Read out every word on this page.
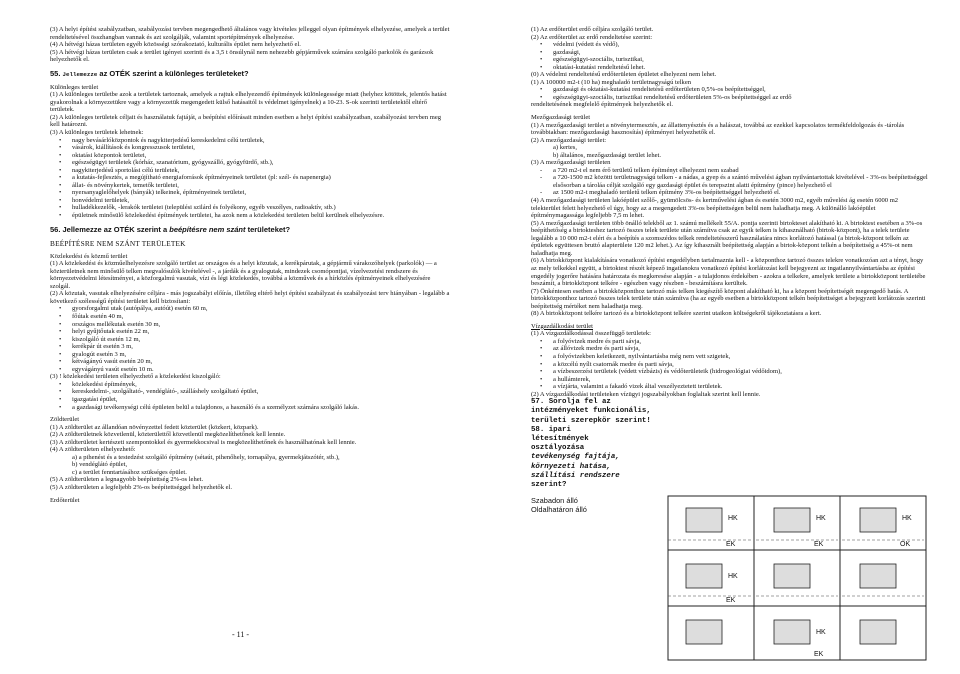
(3) A helyi építési szabályzatban, szabályozási tervben megengedhető általános vagy kivételes jelleggel olyan építmények elhelyezése, amelyek a terület rendeltetésével összhangban vannak és azt szolgálják, valamint sportépítmények elhelyezése.

(4) A hétvégi házas területen egyéb közösségi szórakoztató, kulturális épület nem helyezhető el.

(5) A hétvégi házas területen csak a terület igényei szerinti és a 3,5 t önsúlynál nem nehezebb gépjárművek számára szolgáló parkolók és garázsok helyezhetők el.

55. Jellemezze az OTÉK szerint a különleges területeket?

Különleges terület

(1) A különleges területbe azok a területek tartoznak, amelyek a rajtuk elhelyezendő építmények különlegessége miatt (helyhez kötöttek, jelentős hatást gyakorolnak a környezetükre vagy a környezetük megengedett külső hatásaitól is védelmet igényelnek) a 10-23. S-ok szerinti területektől eltérő területek.

(2) A különleges területek céljait és használatuk fajtáját, a beépítési előírásait minden esetben a helyi építési szabályzatban, szabályozási tervben meg kell határozni.

(3) A különleges területek lehetnek:

• nagy bevásárlóközpontok és nagykiterjedésű kereskedelmi célú területek,
• vásárok, kiállítások és kongresszusok területei,
• oktatási központok területei,
• egészségügyi területek (kórház, szanatórium, gyógyszálló, gyógyfürdő, stb.),
• nagykiterjedésű sportolási célú területek,
• a kutatás-fejlesztés, a megújítható energiaforrások építményeinek területei (pl: szél- és napenergia)
• állat- és növénykertek, temetők területei,
• nyersanyaglelőhelyek (bányák) telkeinek, építményeinek területei,
• honvédelmi területek,
• hulladékkezelők, -lerakók területei (települési szilárd és folyékony, egyéb veszélyes, radioaktív, stb.)
• épületnek minősülő közlekedési építmények területei, ha azok nem a közlekedési területen belül kerülnek elhelyezésre.

56. Jellemezze az OTÉK szerint a beépítésre nem szánt területeket?

BEÉPÍTÉSRE NEM SZÁNT TERÜLETEK

Közlekedési és közmű terület

(1) A közlekedési és közműelhelyezésre szolgáló terület az országos és a helyi közutak, a kerékpárutak, a gépjármű várakozóhelyek (parkolók) — a közterületnek nem minősülő telken megvalósulók kivételével -, a járdák és a gyalogutak, mindezek csomópontjai, vízelvezetési rendszere és környezetvédelmi létesítményei, a közforgalmú vasutak, vízi és légi közlekedés, továbbá a közművek és a hírközlés építményeinek elhelyezésére szolgál.

(2) A közutak, vasutak elhelyezésére céljára - más jogszabályi előírás, illetőleg eltérő helyi építési szabályzat és szabályozási terv hiányában - legalább a következő szélességű építési területet kell biztosítani:

• gyorsforgalmi utak (autópálya, autóút) esetén 60 m,
• főútak esetén 40 m,
• országos mellékutak esetén 30 m,
• helyi gyűjtőutak esetén 22 m,
• kiszolgáló út esetén 12 m,
• kerékpár út esetén 3 m,
• gyalogút esetén 3 m,
• kétvágányú vasút esetén 20 m,
• egyvágányú vasút esetén 10 m.

(3) ! közlekedési területen elhelyezhető a közlekedést kiszolgáló:

• közlekedési építmények,
• kereskedelmi-, szolgáltató-, vendéglátó-, szálláshely szolgáltató épület,
• igazgatási épület,
• a gazdasági tevékenységi célú épületen belül a tulajdonos, a használó és a személyzet számára szolgáló lakás.

Zöldterület

(1) A zöldterület az állandóan növényzettel fedett közterület (közkert, közpark).

(2) A zöldterületnek közvetlenül, közterülettől közvetlenül megközelíthetőnek kell lennie.

(3) A zöldterületet kertészeti szempontokkel és gyermekkocsival is megközelíthetőnek és használhatónak kell lennie.

(4) A zöldterületen elhelyezhető:

a) a pihenést és a testedzést szolgáló építmény (sétaút, pihenőhely, tornapálya, gyermekjátszótér, stb.),

b) vendéglátó épület,

c) a terület fenntartásához szükséges épület.

(5) A zöldterületen a legnagyobb beépítettség 2%-os lehet.

(5) A zöldterületen a legfeljebb 2%-os beépítettséggel helyezhetők el.

Erdőterület

- 11 -

(1) Az erdőterület erdő céljára szolgáló terület.

(2) Az erdőterület az erdő rendeltetése szerint:

• védelmi (védett és védő),
• gazdasági,
• egészségügyi-szociális, turisztikai,
• oktatási-kutatási rendeltetésű lehet.

(0) A védelmi rendeltetésű erdőterületen épületet elhelyezni nem lehet.

(1) A 100000 m2-t (10 ha) meghaladó területnagyságú telken

• gazdasági és oktatási-kutatási rendeltetésű erdőterületen 0,5%-os beépítettséggel,
• egészségügyi-szociális, turisztikai rendeltetésű erdőterületen 5%-os beépítettséggel az erdő

rendeltetésének megfelelő építmények helyezhetők el.

Mezőgazdasági terület

(1) A mezőgazdasági terület a növénytermesztés, az állattenyésztés és a halászat, továbbá az ezekkel kapcsolatos termékfeldolgozás és -tárolás továbbiakban: mezőgazdasági hasznosítás) építményei helyezhetők el.

(2) A mezőgazdasági terület:

a) kertes,

b) általános, mezőgazdasági terület lehet.

(3) A mezőgazdasági területen

- a 720 m2-t el nem érő területű telken építményt elhelyezni nem szabad
- a 720-1500 m2 közötti területnagyságú telken - a nádas, a gyep és a szántó művelési ágban nyilvántartottak kivételével - 3%-os beépítettséggel elsősorban a tároláa célját szolgáló egy gazdasági épület és terepszint alatti építmény (pince) helyezhető el
- az 1500 m2-t meghaladó területű telken építmény 3%-os beépítettséggel helyezhető el.

(4) A mezőgazdasági területen lakóépület szőlő-, gyümölcsös- és kertművelési ágban és esetén 3000 m2, egyéb művelési ág esetén 6000 m2 telekterület felett helyezhető el úgy, hogy az a megengedett 3%-os beépítettségen belül nem haladhatja meg. A különálló lakóépület építménymagassága legfeljebb 7,5 m lehet.

(5) A mezőgazdasági területen több önálló telekből az 1. számú mellékelt 55/A. pontja szerinti birtokteset alakítható ki. A birtoktest esetében a 3%-os beépíthetőség a birtokteshez tartozó összes telek területe után számítva csak az egyik telken is kihasználható (birtok-központ), ha a telek területe legalább a 10 000 m2-t eléri és a beépítés a szomszédos telkek rendeltetésszerű használatára nincs korlátozó hatással (a birtok-központ telkén az épületek együttesen bruttó alapterülete 120 m2 lehet.). Az így kihasznált beépítettség alapján a birtok-központ telkén a beépítettség a 45%-ot nem haladhatja meg.

(6) A birtokközpont kialakítására vonatkozó építési engedélyben tartalmaznia kell - a központhoz tartozó összes telekre vonatkozóan azt a tényt, hogy az mely telkekkel együtt, a birtoktest részét képező ingatlanokra vonatkozó építési korlátozást kell bejegyezni az ingatlannyilvántartásba az építési engedély jogerőre hatására határozata és megkeresése alapján - a tulajdonos érdekében - azokra a telkekre, amelyek területe a birtokközpont területébe beszámít, a birtokközpont telkére - egészben vagy részben - beszámításra kerültek.

(7) Önkéntesen esetben a birtokközponthoz tartozó más telken kiegészítő központ alakítható ki, ha a központ beépítettségét megengedő hatás. A birtokközponthoz tartozó összes telek területe után számítva (ha az egyéb esetben a birtokközpont telkén beépítettséget a bejegyzett korlátozás szerinti beépítettség mértéket nem haladhatja meg.

(8) A birtokközpont telkére tartozó és a birtokközpont telkére szerint utaikon költségekről tájékoztatásra a kert.

Vízgazdálkodási terület

(1) A vízgazdálkodással összefüggő területek:

• a folyóvizek medre és parti sávja,
• az állóvizek medre és parti sávja,
• a folyóvizekben keletkezett, nyilvántartásba még nem vett szigetek,
• a közcélú nyílt csatornák medre és parti sávja,
• a vízbeszerzési területek (védett vízbázis) és védőterületeik (hidrogeológiai védőidom),
• a hullámterek,
• a vízjárta, valamint a fakadó vizek által veszélyeztetett területek.

(2) A vízgazdálkodási területeken vízügyi jogszabályokban foglaltak szerint kell lennie.

57. Sorolja fel az intézményeket funkcionális, területi szerepkör szerint!

58. ipari

létesítmények

osztályozása

tevékenység fajtája,

környezeti hatása,

szállítási rendszere

szerint?

Szabadon álló

Oldalhatáron álló

HK	HK
EK
HK
EK	OK
HK
EK
HK
EK
